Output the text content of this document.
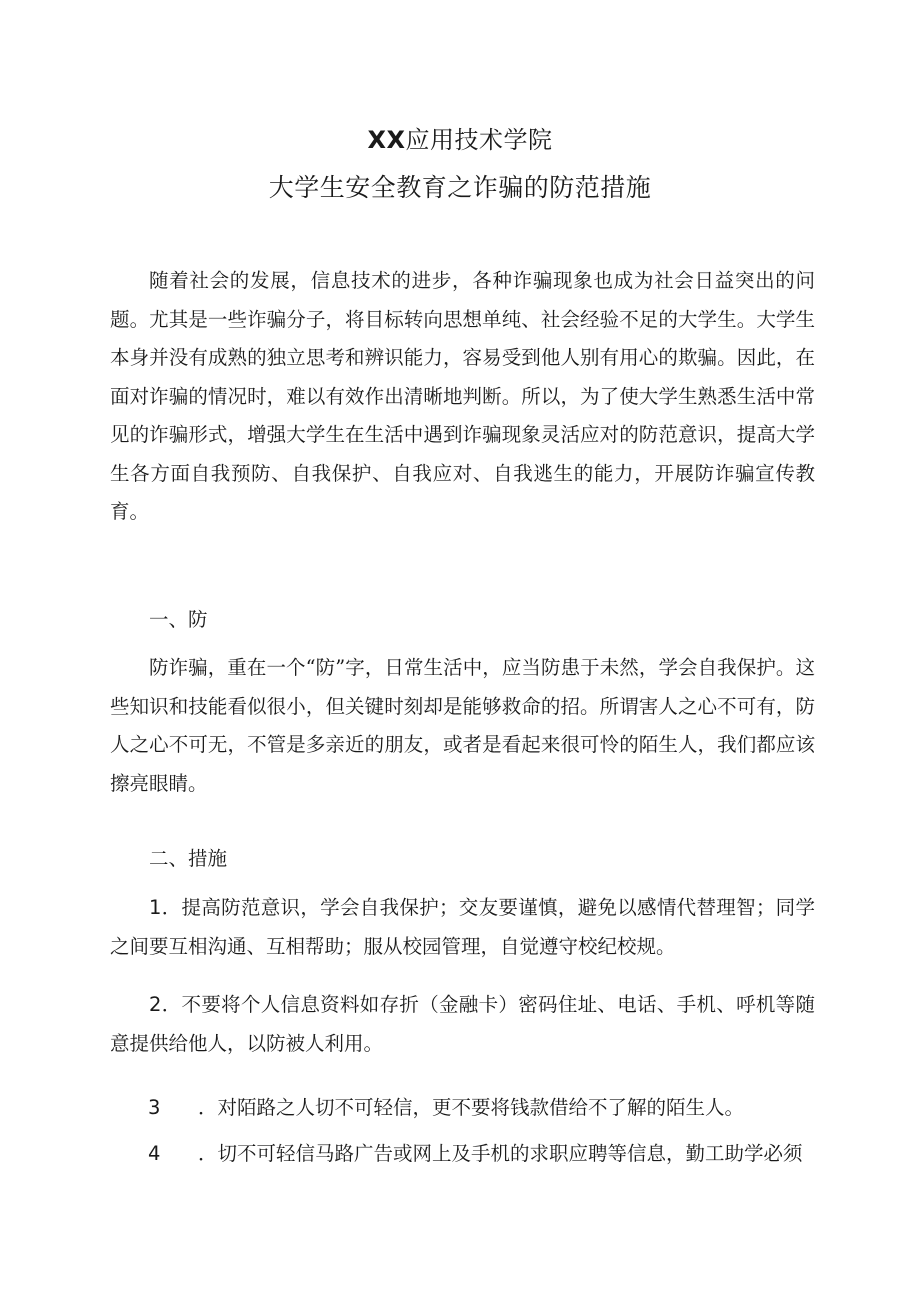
XX应用技术学院
大学生安全教育之诈骗的防范措施

随着社会的发展，信息技术的进步，各种诈骗现象也成为社会日益突出的问题。尤其是一些诈骗分子，将目标转向思想单纯、社会经验不足的大学生。大学生本身并没有成熟的独立思考和辨识能力，容易受到他人别有用心的欺骗。因此，在面对诈骗的情况时，难以有效作出清晰地判断。所以，为了使大学生熟悉生活中常见的诈骗形式，增强大学生在生活中遇到诈骗现象灵活应对的防范意识，提高大学生各方面自我预防、自我保护、自我应对、自我逃生的能力，开展防诈骗宣传教育。

一、防

防诈骗，重在一个“防”字，日常生活中，应当防患于未然，学会自我保护。这些知识和技能看似很小，但关键时刻却是能够救命的招。所谓害人之心不可有，防人之心不可无，不管是多亲近的朋友，或者是看起来很可怜的陌生人，我们都应该擦亮眼睛。

二、措施

1．提高防范意识，学会自我保护；交友要谨慎，避免以感情代替理智；同学之间要互相沟通、互相帮助；服从校园管理，自觉遵守校纪校规。

2．不要将个人信息资料如存折（金融卡）密码住址、电话、手机、呼机等随意提供给他人，以防被人利用。

3 ．对陌路之人切不可轻信，更不要将钱款借给不了解的陌生人。
4 ．切不可轻信马路广告或网上及手机的求职应聘等信息，勤工助学必须
